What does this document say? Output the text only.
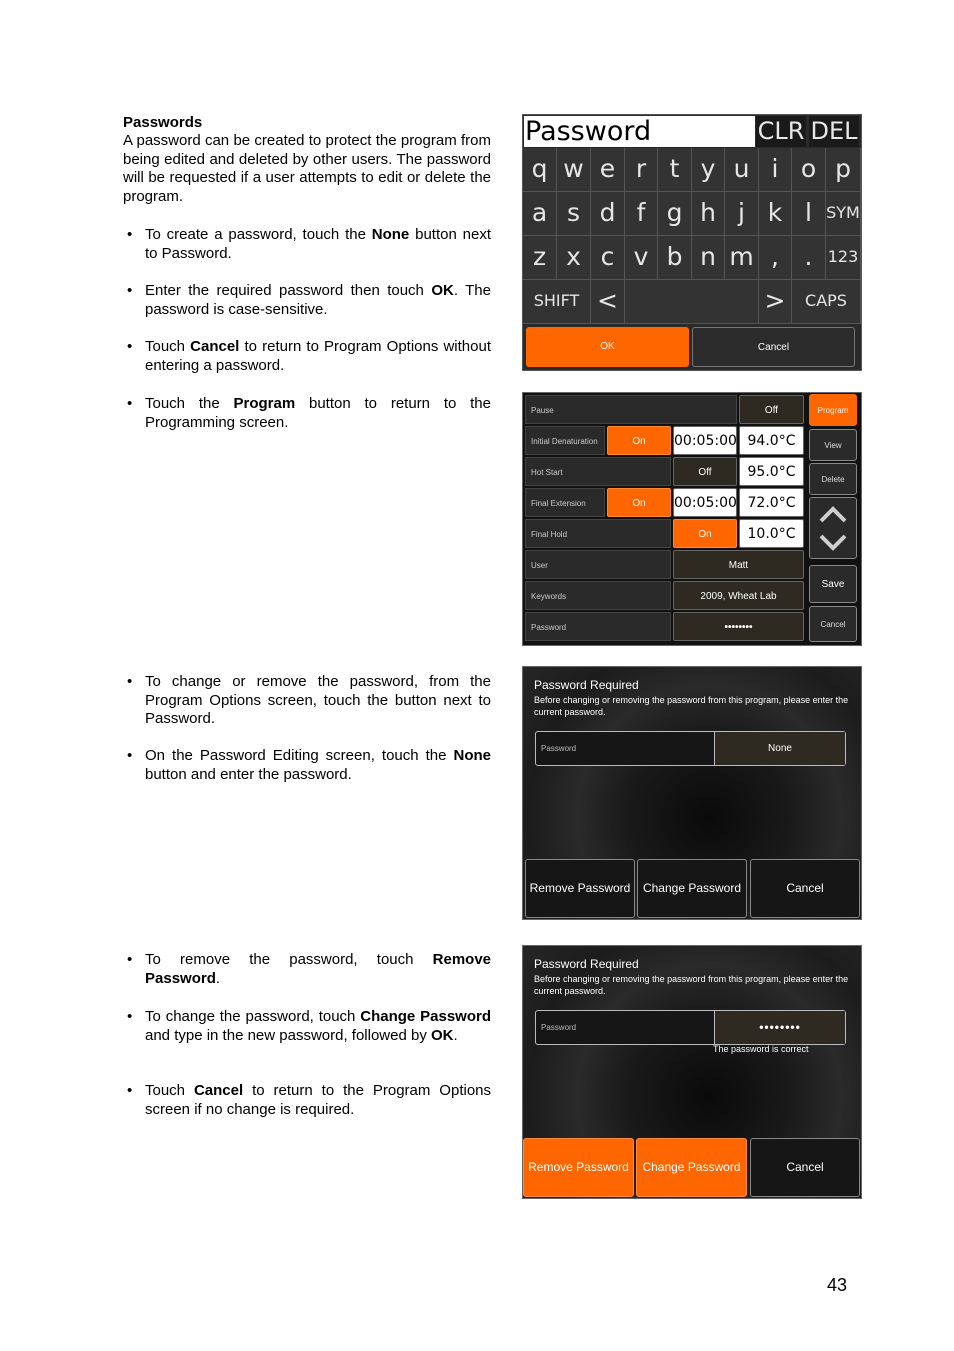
Passwords
A password can be created to protect the program from being edited and deleted by other users. The password will be requested if a user attempts to edit or delete the program.
• To create a password, touch the None button next to Password.
• Enter the required password then touch OK. The password is case-sensitive.
• Touch Cancel to return to Program Options without entering a password.
• Touch the Program button to return to the Programming screen.
• To change or remove the password, from the Program Options screen, touch the button next to Password.
• On the Password Editing screen, touch the None button and enter the password.
• To remove the password, touch Remove Password.
• To change the password, touch Change Password and type in the new password, followed by OK.
• Touch Cancel to return to the Program Options screen if no change is required.
Password	CLR DEL
q w e r t y u i o p
a s d f g h j k l SYM
z x c v b n m ,	. 123
SHIFT <	>	CAPS
OK	Cancel
Pause	Off
Initial Denaturation	On	00:05:00 94.0°C
Hot Start	Off	95.0°C
Final Extension	On	00:05:00 72.0°C
Final Hold	On	10.0°C
User	Matt
Keywords	2009, Wheat Lab
Password	••••••••
Program
View
Delete
Save
Cancel
Password Required
Before changing or removing the password from this program, please enter the current password.
Password	None
Remove Password	Change Password	Cancel
Password Required
Before changing or removing the password from this program, please enter the current password.
Password	••••••••
The password is correct
Remove Password	Change Password	Cancel
43
